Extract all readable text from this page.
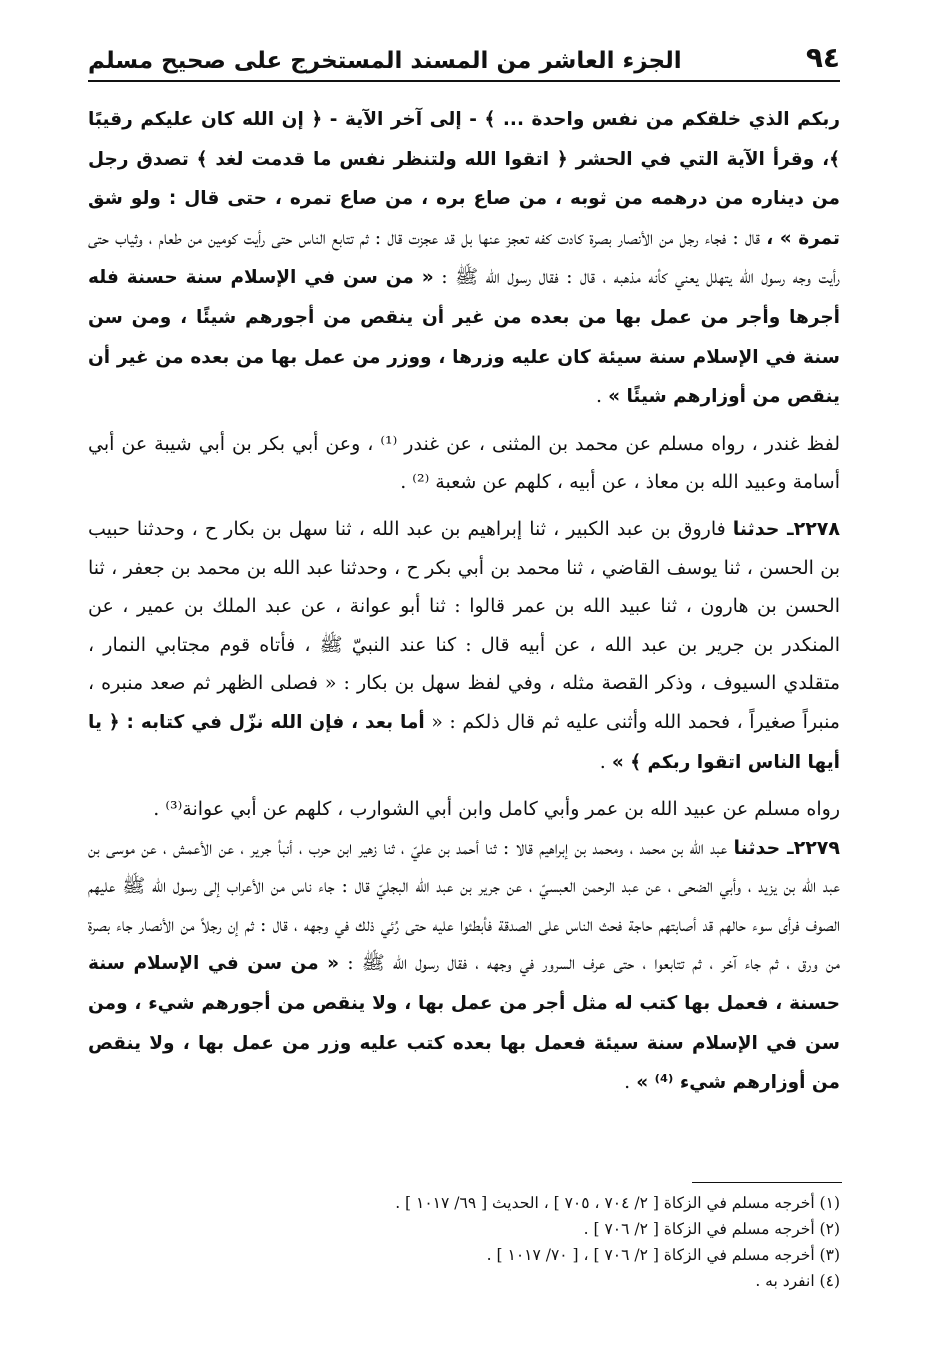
٩٤
الجزء العاشر من المسند المستخرج على صحيح مسلم

ربكم الذي خلقكم من نفس واحدة ... ﴾ - إلى آخر الآية - ﴿ إن الله كان عليكم رقيبًا ﴾، وقرأ الآية التي في الحشر ﴿ اتقوا الله ولتنظر نفس ما قدمت لغد ﴾ تصدق رجل من ديناره من درهمه من ثوبه ، من صاع بره ، من صاع تمره ، حتى قال : ولو شق تمرة » ، قال : فجاء رجل من الأنصار بصرة كادت كفه تعجز عنها بل قد عجزت قال : ثم تتابع الناس حتى رأيت كومين من طعام ، وثياب حتى رأيت وجه رسول الله يتهلل يعني كأنه مذهبه ، قال : فقال رسول الله ﷺ : « من سن في الإسلام سنة حسنة فله أجرها وأجر من عمل بها من بعده من غير أن ينقص من أجورهم شيئًا ، ومن سن سنة في الإسلام سنة سيئة كان عليه وزرها ، ووزر من عمل بها من بعده من غير أن ينقص من أوزارهم شيئًا » .

لفظ غندر ، رواه مسلم عن محمد بن المثنى ، عن غندر ⁽¹⁾ ، وعن أبي بكر بن أبي شيبة عن أبي أسامة وعبيد الله بن معاذ ، عن أبيه ، كلهم عن شعبة ⁽²⁾ .

٢٢٧٨ـ حدثنا فاروق بن عبد الكبير ، ثنا إبراهيم بن عبد الله ، ثنا سهل بن بكار ح ، وحدثنا حبيب بن الحسن ، ثنا يوسف القاضي ، ثنا محمد بن أبي بكر ح ، وحدثنا عبد الله بن محمد بن جعفر ، ثنا الحسن بن هارون ، ثنا عبيد الله بن عمر قالوا : ثنا أبو عوانة ، عن عبد الملك بن عمير ، عن المنكدر بن جرير بن عبد الله ، عن أبيه قال : كنا عند النبيّ ﷺ ، فأتاه قوم مجتابي النمار ، متقلدي السيوف ، وذكر القصة مثله ، وفي لفظ سهل بن بكار : « فصلى الظهر ثم صعد منبره ، منبراً صغيراً ، فحمد الله وأثنى عليه ثم قال ذلكم : « أما بعد ، فإن الله نزّل في كتابه : ﴿ يا أيها الناس اتقوا ربكم ﴾ » .

رواه مسلم عن عبيد الله بن عمر وأبي كامل وابن أبي الشوارب ، كلهم عن أبي عوانة⁽³⁾ .

٢٢٧٩ـ حدثنا عبد الله بن محمد ، ومحمد بن إبراهيم قالا : ثنا أحمد بن عليّ ، ثنا زهير ابن حرب ، أنبأ جرير ، عن الأعمش ، عن موسى بن عبد الله بن يزيد ، وأبي الضحى ، عن عبد الرحمن العبسيّ ، عن جرير بن عبد الله البجليّ قال : جاء ناس من الأعراب إلى رسول الله ﷺ عليهم الصوف فرأى سوء حالهم قد أصابتهم حاجة فحث الناس على الصدقة فأبطئوا عليه حتى رُئي ذلك في وجهه ، قال : ثم إن رجلاً من الأنصار جاء بصرة من ورق ، ثم جاء آخر ، ثم تتابعوا ، حتى عرف السرور في وجهه ، فقال رسول الله ﷺ : « من سن في الإسلام سنة حسنة ، فعمل بها كتب له مثل أجر من عمل بها ، ولا ينقص من أجورهم شيء ، ومن سن في الإسلام سنة سيئة فعمل بها بعده كتب عليه وزر من عمل بها ، ولا ينقص من أوزارهم شيء ⁽⁴⁾ » .

(١) أخرجه مسلم في الزكاة [ ٢/ ٧٠٤ ، ٧٠٥ ] ، الحديث [ ٦٩/ ١٠١٧ ] .

(٢) أخرجه مسلم في الزكاة [ ٢/ ٧٠٦ ] .

(٣) أخرجه مسلم في الزكاة [ ٢/ ٧٠٦ ] ، [ ٧٠/ ١٠١٧ ] .

(٤) انفرد به .
